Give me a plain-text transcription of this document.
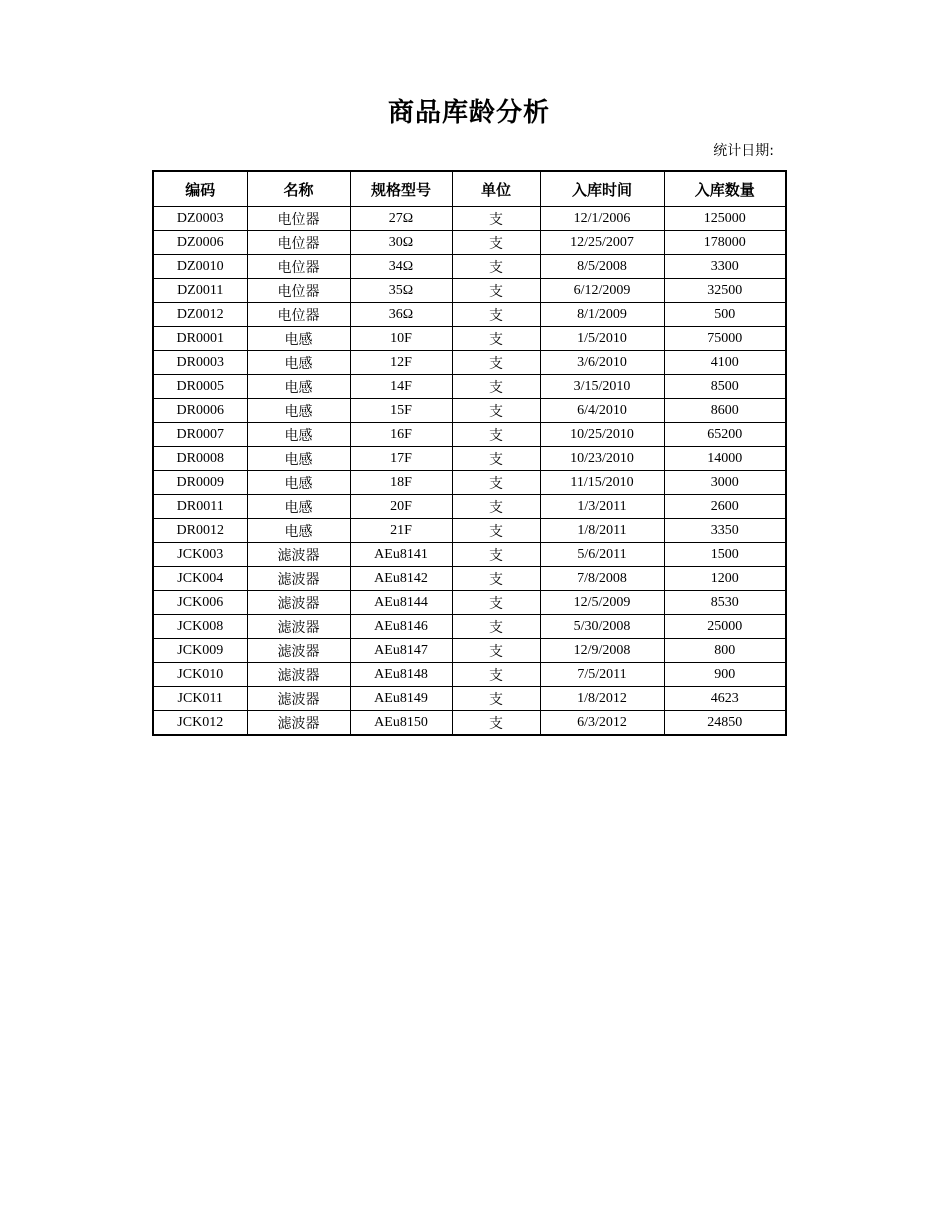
商品库龄分析
统计日期:
编码	名称	规格型号	单位	入库时间	入库数量
DZ0003	电位器	27Ω	支	12/1/2006	125000
DZ0006	电位器	30Ω	支	12/25/2007	178000
DZ0010	电位器	34Ω	支	8/5/2008	3300
DZ0011	电位器	35Ω	支	6/12/2009	32500
DZ0012	电位器	36Ω	支	8/1/2009	500
DR0001	电感	10F	支	1/5/2010	75000
DR0003	电感	12F	支	3/6/2010	4100
DR0005	电感	14F	支	3/15/2010	8500
DR0006	电感	15F	支	6/4/2010	8600
DR0007	电感	16F	支	10/25/2010	65200
DR0008	电感	17F	支	10/23/2010	14000
DR0009	电感	18F	支	11/15/2010	3000
DR0011	电感	20F	支	1/3/2011	2600
DR0012	电感	21F	支	1/8/2011	3350
JCK003	滤波器	AEu8141	支	5/6/2011	1500
JCK004	滤波器	AEu8142	支	7/8/2008	1200
JCK006	滤波器	AEu8144	支	12/5/2009	8530
JCK008	滤波器	AEu8146	支	5/30/2008	25000
JCK009	滤波器	AEu8147	支	12/9/2008	800
JCK010	滤波器	AEu8148	支	7/5/2011	900
JCK011	滤波器	AEu8149	支	1/8/2012	4623
JCK012	滤波器	AEu8150	支	6/3/2012	24850
